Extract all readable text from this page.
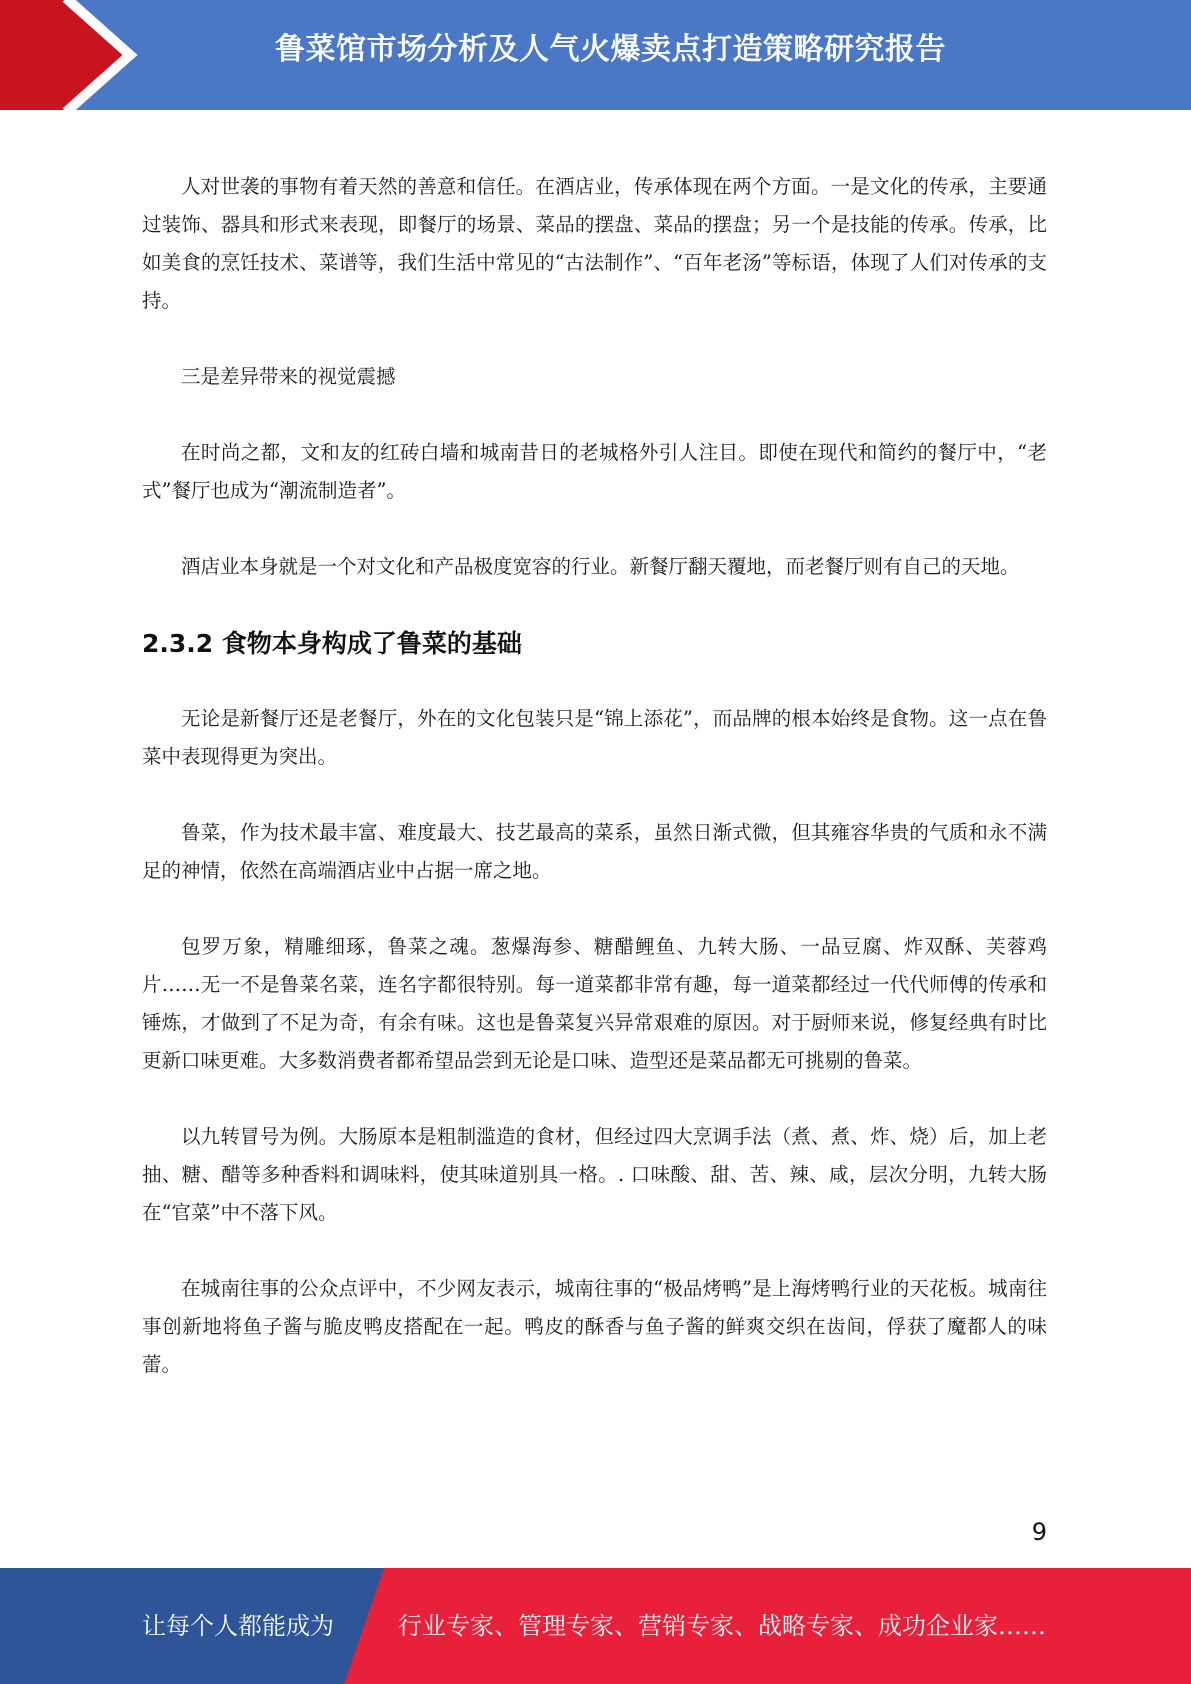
鲁菜馆市场分析及人气火爆卖点打造策略研究报告

人对世袭的事物有着天然的善意和信任。在酒店业，传承体现在两个方面。一是文化的传承，主要通过装饰、器具和形式来表现，即餐厅的场景、菜品的摆盘、菜品的摆盘；另一个是技能的传承。传承，比如美食的烹饪技术、菜谱等，我们生活中常见的“古法制作”、“百年老汤”等标语，体现了人们对传承的支持。

三是差异带来的视觉震撼

在时尚之都，文和友的红砖白墙和城南昔日的老城格外引人注目。即使在现代和简约的餐厅中，“老式”餐厅也成为“潮流制造者”。

酒店业本身就是一个对文化和产品极度宽容的行业。新餐厅翻天覆地，而老餐厅则有自己的天地。

2.3.2 食物本身构成了鲁菜的基础

无论是新餐厅还是老餐厅，外在的文化包装只是“锦上添花”，而品牌的根本始终是食物。这一点在鲁菜中表现得更为突出。

鲁菜，作为技术最丰富、难度最大、技艺最高的菜系，虽然日渐式微，但其雍容华贵的气质和永不满足的神情，依然在高端酒店业中占据一席之地。

包罗万象，精雕细琢，鲁菜之魂。葱爆海参、糖醋鲤鱼、九转大肠、一品豆腐、炸双酥、芙蓉鸡片……无一不是鲁菜名菜，连名字都很特别。每一道菜都非常有趣，每一道菜都经过一代代师傅的传承和锤炼，才做到了不足为奇，有余有味。这也是鲁菜复兴异常艰难的原因。对于厨师来说，修复经典有时比更新口味更难。大多数消费者都希望品尝到无论是口味、造型还是菜品都无可挑剔的鲁菜。

以九转冒号为例。大肠原本是粗制滥造的食材，但经过四大烹调手法（煮、煮、炸、烧）后，加上老抽、糖、醋等多种香料和调味料，使其味道别具一格。. 口味酸、甜、苦、辣、咸，层次分明，九转大肠在“官菜”中不落下风。

在城南往事的公众点评中，不少网友表示，城南往事的“极品烤鸭”是上海烤鸭行业的天花板。城南往事创新地将鱼子酱与脆皮鸭皮搭配在一起。鸭皮的酥香与鱼子酱的鲜爽交织在齿间，俘获了魔都人的味蕾。

9
让每个人都能成为	行业专家、管理专家、营销专家、战略专家、成功企业家……
